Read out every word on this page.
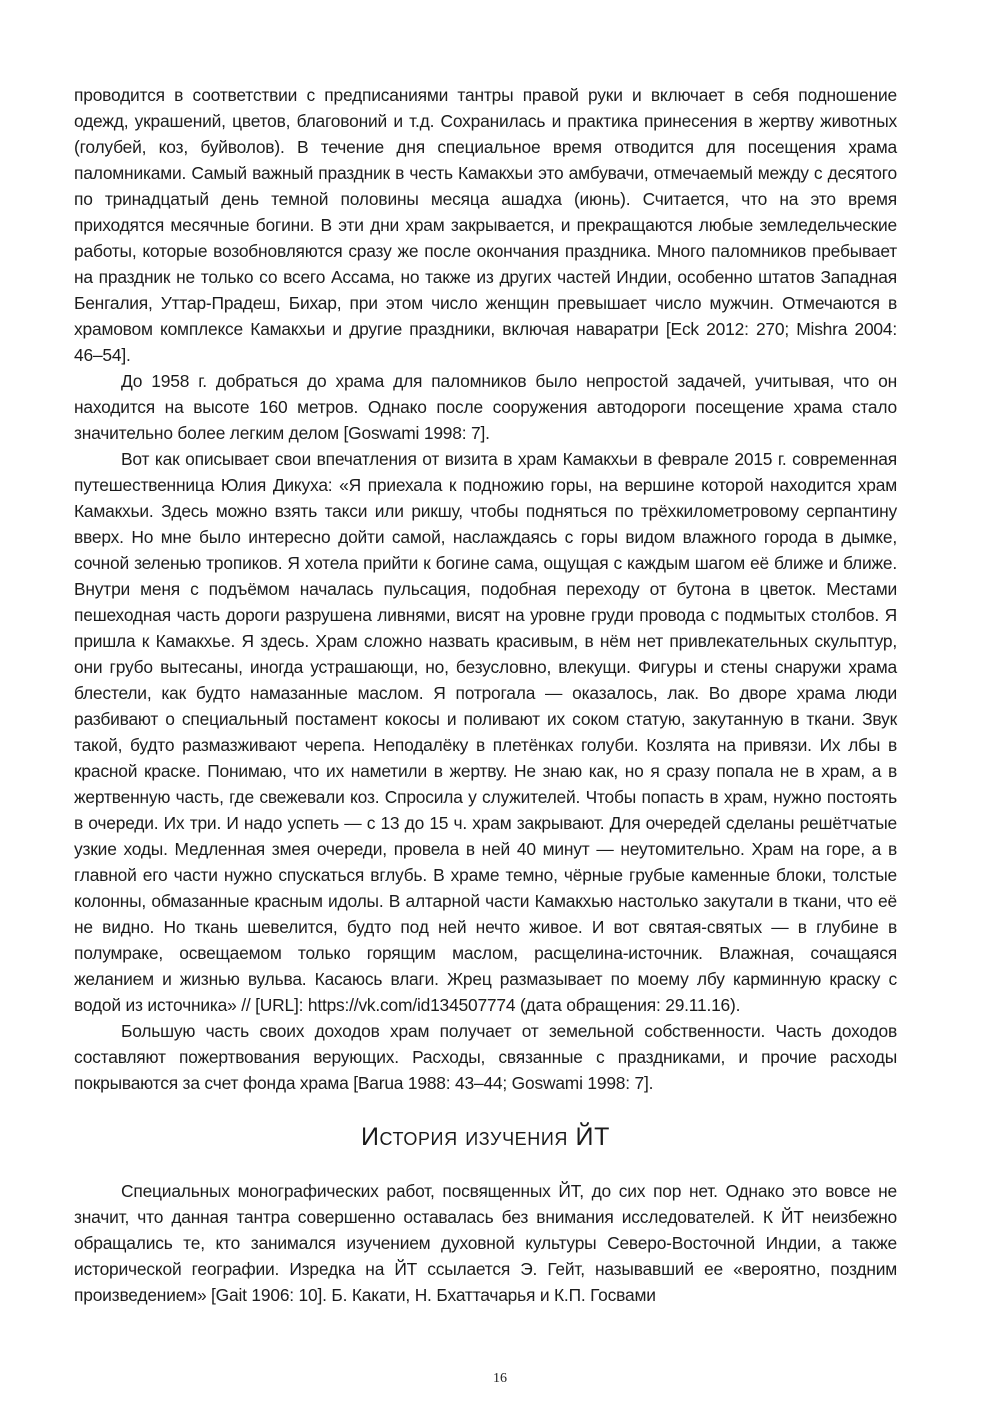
проводится в соответствии с предписаниями тантры правой руки и включает в себя подношение одежд, украшений, цветов, благовоний и т.д. Сохранилась и практика принесения в жертву животных (голубей, коз, буйволов). В течение дня специальное время отводится для посещения храма паломниками. Самый важный праздник в честь Камакхьи это амбувачи, отмечаемый между с десятого по тринадцатый день темной половины месяца ашадха (июнь). Считается, что на это время приходятся месячные богини. В эти дни храм закрывается, и прекращаются любые земледельческие работы, которые возобновляются сразу же после окончания праздника. Много паломников пребывает на праздник не только со всего Ассама, но также из других частей Индии, особенно штатов Западная Бенгалия, Уттар-Прадеш, Бихар, при этом число женщин превышает число мужчин. Отмечаются в храмовом комплексе Камакхьи и другие праздники, включая наваратри [Eck 2012: 270; Mishra 2004: 46–54].

До 1958 г. добраться до храма для паломников было непростой задачей, учитывая, что он находится на высоте 160 метров. Однако после сооружения автодороги посещение храма стало значительно более легким делом [Goswami 1998: 7].

Вот как описывает свои впечатления от визита в храм Камакхьи в феврале 2015 г. современная путешественница Юлия Дикуха: «Я приехала к подножию горы, на вершине которой находится храм Камакхьи. Здесь можно взять такси или рикшу, чтобы подняться по трёхкилометровому серпантину вверх. Но мне было интересно дойти самой, наслаждаясь с горы видом влажного города в дымке, сочной зеленью тропиков. Я хотела прийти к богине сама, ощущая с каждым шагом её ближе и ближе. Внутри меня с подъёмом началась пульсация, подобная переходу от бутона в цветок. Местами пешеходная часть дороги разрушена ливнями, висят на уровне груди провода с подмытых столбов. Я пришла к Камакхье. Я здесь. Храм сложно назвать красивым, в нём нет привлекательных скульптур, они грубо вытесаны, иногда устрашающи, но, безусловно, влекущи. Фигуры и стены снаружи храма блестели, как будто намазанные маслом. Я потрогала — оказалось, лак. Во дворе храма люди разбивают о специальный постамент кокосы и поливают их соком статую, закутанную в ткани. Звук такой, будто размазживают черепа. Неподалёку в плетёнках голуби. Козлята на привязи. Их лбы в красной краске. Понимаю, что их наметили в жертву. Не знаю как, но я сразу попала не в храм, а в жертвенную часть, где свежевали коз. Спросила у служителей. Чтобы попасть в храм, нужно постоять в очереди. Их три. И надо успеть — с 13 до 15 ч. храм закрывают. Для очередей сделаны решётчатые узкие ходы. Медленная змея очереди, провела в ней 40 минут — неутомительно. Храм на горе, а в главной его части нужно спускаться вглубь. В храме темно, чёрные грубые каменные блоки, толстые колонны, обмазанные красным идолы. В алтарной части Камакхью настолько закутали в ткани, что её не видно. Но ткань шевелится, будто под ней нечто живое. И вот святая-святых — в глубине в полумраке, освещаемом только горящим маслом, расщелина-источник. Влажная, сочащаяся желанием и жизнью вульва. Касаюсь влаги. Жрец размазывает по моему лбу карминную краску с водой из источника» // [URL]: https://vk.com/id134507774 (дата обращения: 29.11.16).

Большую часть своих доходов храм получает от земельной собственности. Часть доходов составляют пожертвования верующих. Расходы, связанные с праздниками, и прочие расходы покрываются за счет фонда храма [Barua 1988: 43–44; Goswami 1998: 7].

История изучения ЙТ

Специальных монографических работ, посвященных ЙТ, до сих пор нет. Однако это вовсе не значит, что данная тантра совершенно оставалась без внимания исследователей. К ЙТ неизбежно обращались те, кто занимался изучением духовной культуры Северо-Восточной Индии, а также исторической географии. Изредка на ЙТ ссылается Э. Гейт, называвший ее «вероятно, поздним произведением» [Gait 1906: 10]. Б. Какати, Н. Бхаттачарья и К.П. Госвами

16
